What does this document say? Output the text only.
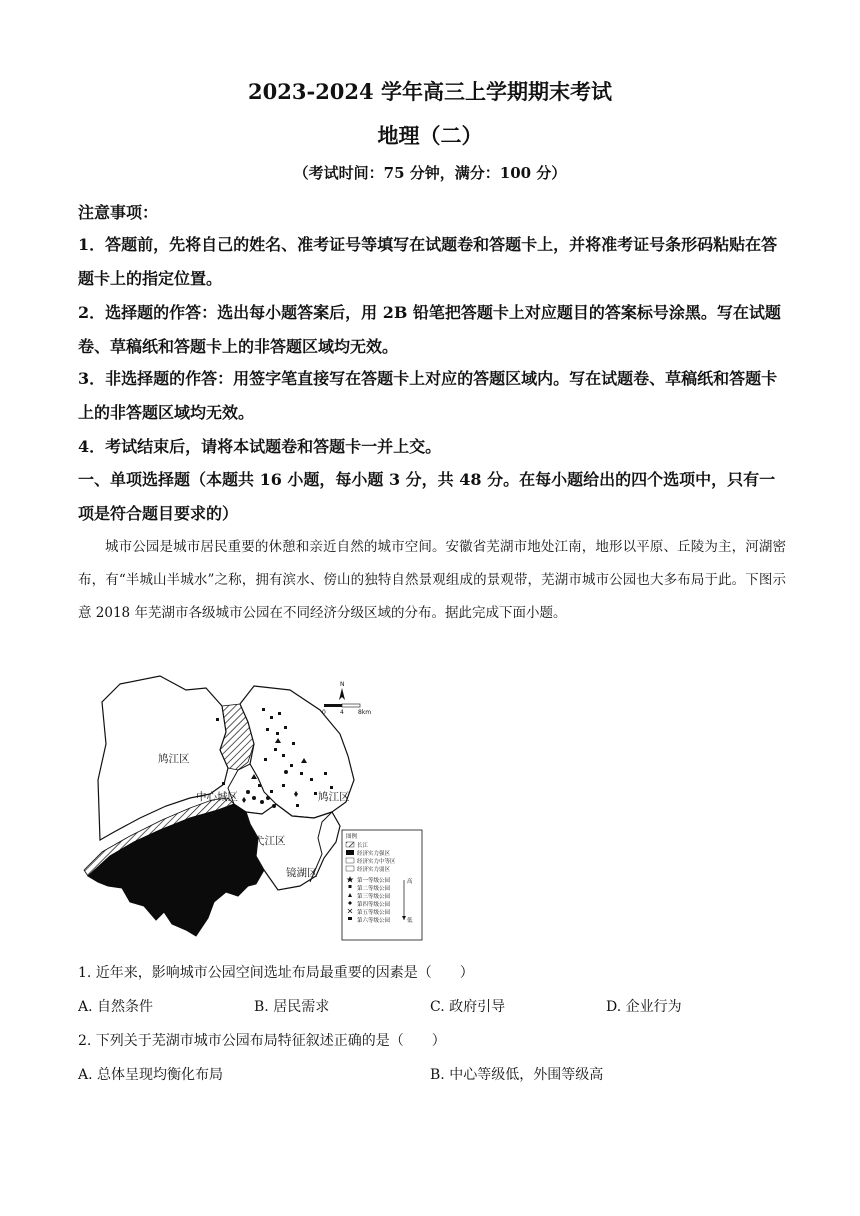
2023-2024 学年高三上学期期末考试
地理（二）
（考试时间：75 分钟，满分：100 分）
注意事项：
1．答题前，先将自己的姓名、准考证号等填写在试题卷和答题卡上，并将准考证号条形码粘贴在答题卡上的指定位置。
2．选择题的作答：选出每小题答案后，用 2B 铅笔把答题卡上对应题目的答案标号涂黑。写在试题卷、草稿纸和答题卡上的非答题区域均无效。
3．非选择题的作答：用签字笔直接写在答题卡上对应的答题区域内。写在试题卷、草稿纸和答题卡上的非答题区域均无效。
4．考试结束后，请将本试题卷和答题卡一并上交。
一、单项选择题（本题共 16 小题，每小题 3 分，共 48 分。在每小题给出的四个选项中，只有一项是符合题目要求的）
城市公园是城市居民重要的休憩和亲近自然的城市空间。安徽省芜湖市地处江南，地形以平原、丘陵为主，河湖密布，有“半城山半城水”之称，拥有滨水、傍山的独特自然景观组成的景观带，芜湖市城市公园也大多布局于此。下图示意 2018 年芜湖市各级城市公园在不同经济分级区域的分布。据此完成下面小题。
鸠江区
中心城区	鸠江区
弋江区
镜湖区
N
0 4 8km
图例
长江
经济实力强区
经济实力中等区
经济实力弱区
第一等级公园
第二等级公园
第三等级公园
第四等级公园
第五等级公园
第六等级公园
高
低
1. 近年来，影响城市公园空间选址布局最重要的因素是（　　）
A. 自然条件	B. 居民需求	C. 政府引导	D. 企业行为
2. 下列关于芜湖市城市公园布局特征叙述正确的是（　　）
A. 总体呈现均衡化布局	B. 中心等级低，外围等级高
